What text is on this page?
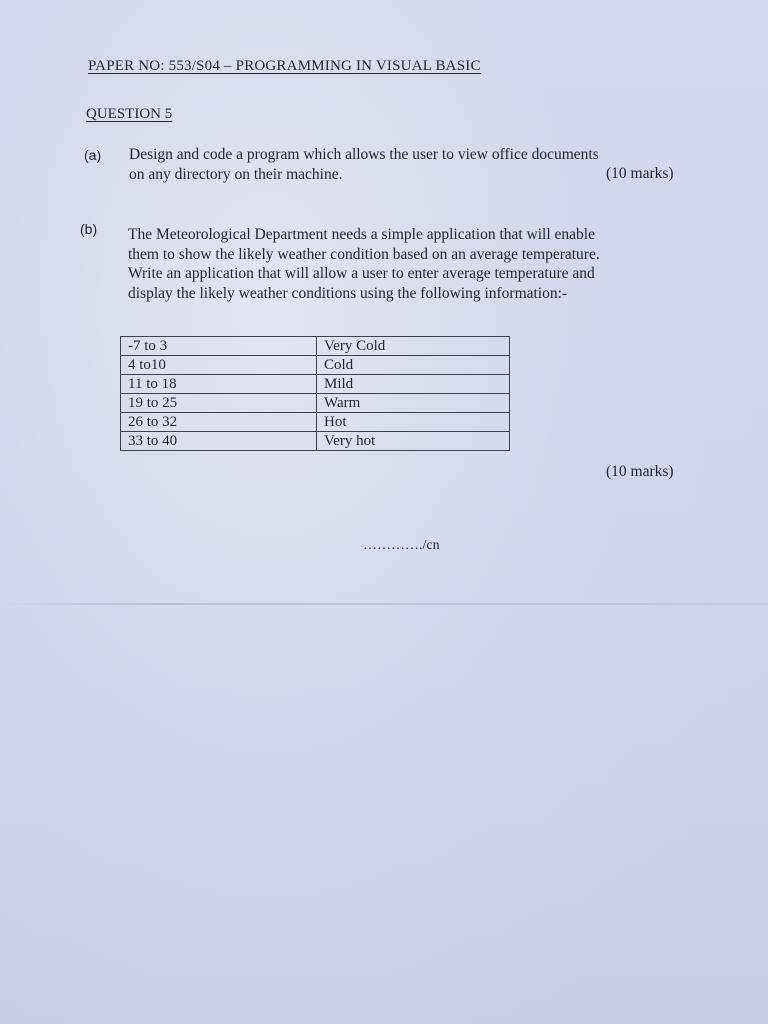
PAPER NO: 553/S04 – PROGRAMMING IN VISUAL BASIC
QUESTION 5
(a) Design and code a program which allows the user to view office documents
on any directory on their machine.	(10 marks)
(b) The Meteorological Department needs a simple application that will enable
them to show the likely weather condition based on an average temperature.
Write an application that will allow a user to enter average temperature and
display the likely weather conditions using the following information:-
-7 to 3	Very Cold
4 to10	Cold
11 to 18	Mild
19 to 25	Warm
26 to 32	Hot
33 to 40	Very hot
(10 marks)
…………./cn
